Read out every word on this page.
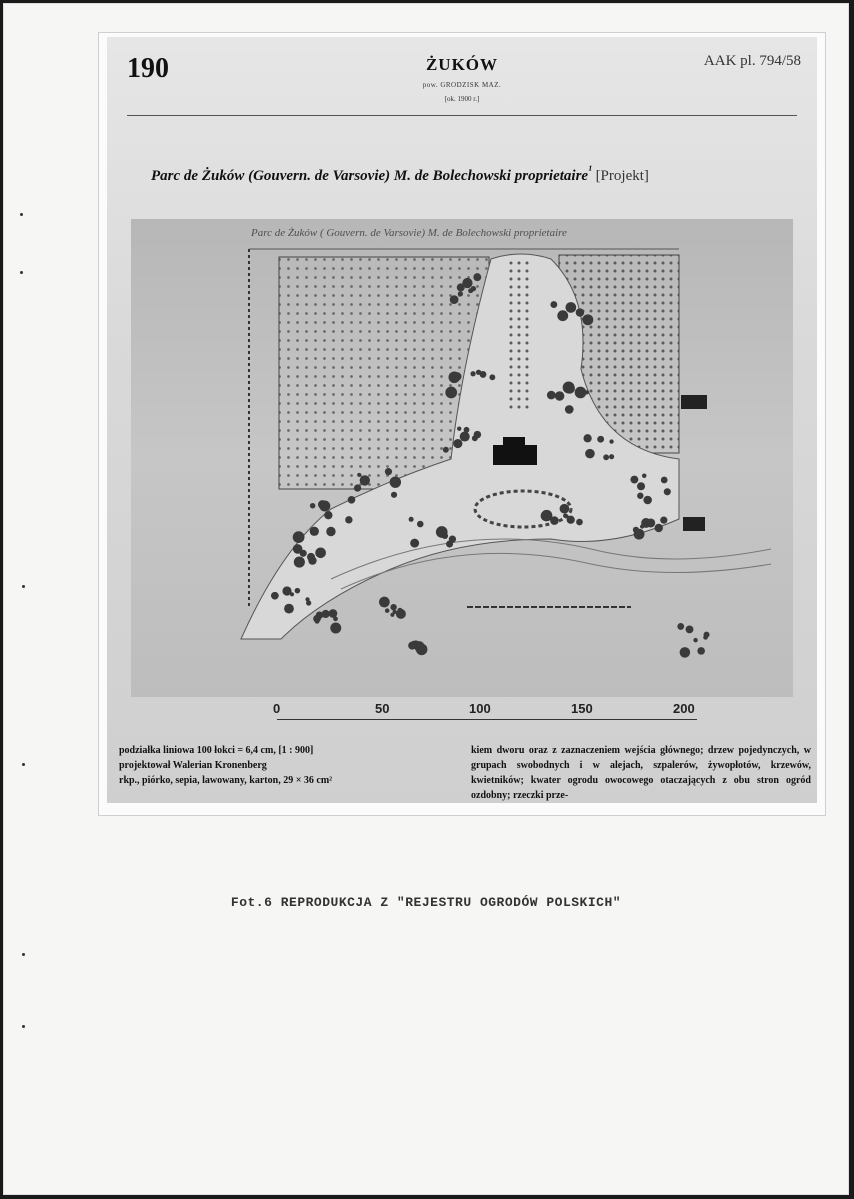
190	ŻUKÓW
pow. GRODZISK MAZ.
[ok. 1900 r.]
AAK pl. 794/58
Parc de Żuków (Gouvern. de Varsovie) M. de Bolechowski proprietaire$^{^1}$ [Projekt]
Parc de Żuków ( Gouvern. de Varsovie) M. de Bolechowski proprietaire
0	50	100	150	200
podziałka liniowa 100 łokci = 6,4 cm, [1 : 900]
projektował Walerian Kronenberg
rkp., piórko, sepia, lawowany, karton, 29 × 36 cm²
kiem dworu oraz z zaznaczeniem wejścia głównego; drzew pojedynczych, w grupach swobodnych i w alejach, szpalerów, żywopłotów, krzewów, kwietników; kwater ogrodu owocowego otaczających z obu stron ogród ozdobny; rzeczki prze-
Fot.6 REPRODUKCJA Z "REJESTRU OGRODÓW POLSKICH"
